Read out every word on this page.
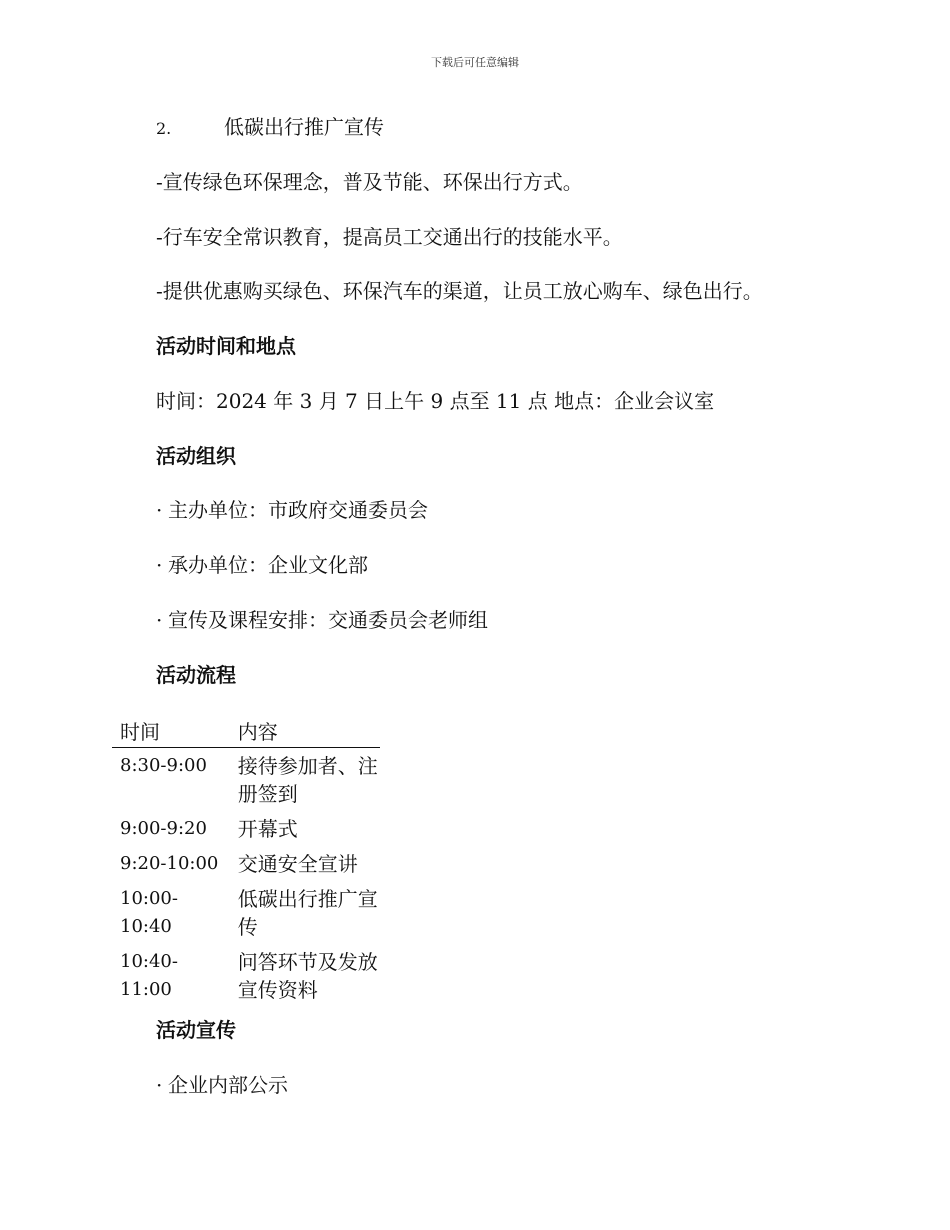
下载后可任意编辑
2.	低碳出行推广宣传
-宣传绿色环保理念，普及节能、环保出行方式。
-行车安全常识教育，提高员工交通出行的技能水平。
-提供优惠购买绿色、环保汽车的渠道，让员工放心购车、绿色出行。
活动时间和地点
时间：2024 年 3 月 7 日上午 9 点至 11 点 地点：企业会议室
活动组织
· 主办单位：市政府交通委员会
· 承办单位：企业文化部
· 宣传及课程安排：交通委员会老师组
活动流程
时间	内容
8:30-9:00	接待参加者、注册签到
9:00-9:20	开幕式
9:20-10:00	交通安全宣讲
10:00-10:40	低碳出行推广宣传
10:40-11:00	问答环节及发放宣传资料
活动宣传
· 企业内部公示
